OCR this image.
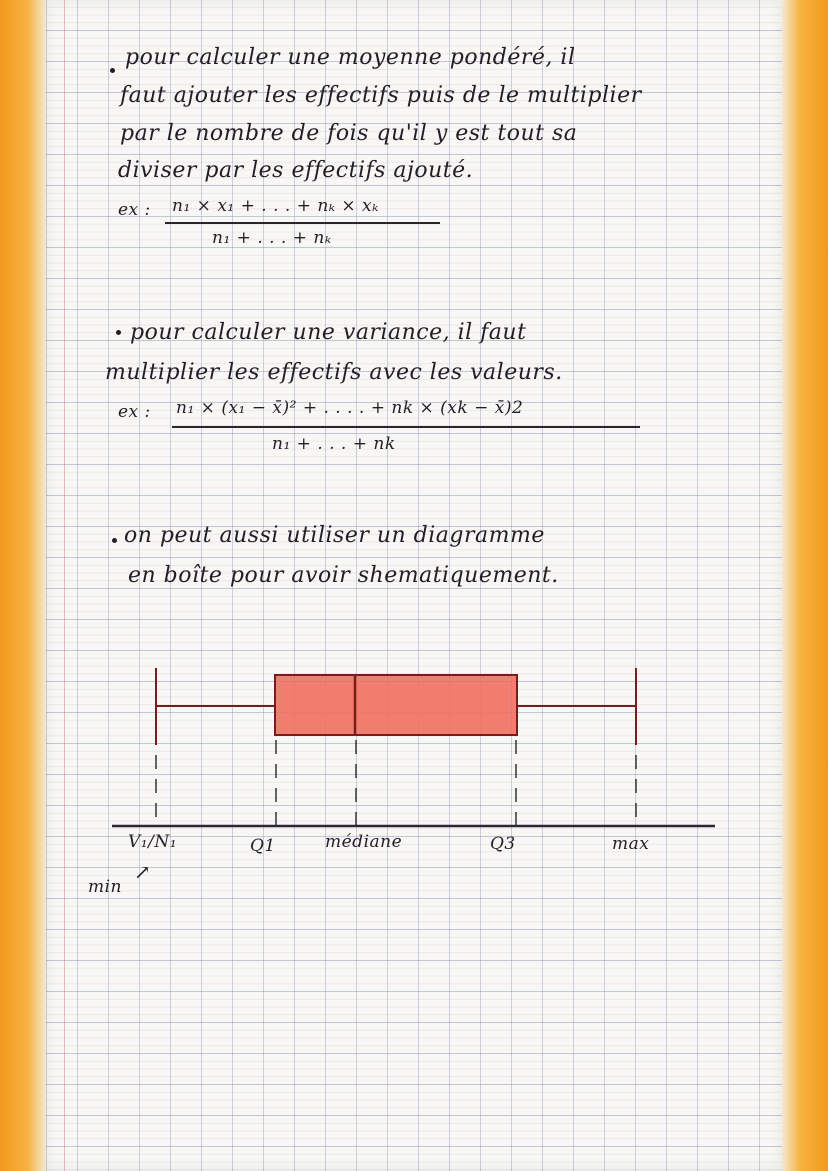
pour calculer une moyenne pondéré, il
faut ajouter les effectifs puis de le multiplier
par le nombre de fois qu'il y est tout sa
diviser par les effectifs ajouté.
ex : n₁ × x₁ + . . . + nₖ × xₖ
n₁ + . . . + nₖ
pour calculer une variance, il faut
multiplier les effectifs avec les valeurs.
ex : n₁ × (x₁ − x̄)² + . . . . + nk × (xk − x̄)2
n₁ + . . . + nk
on peut aussi utiliser un diagramme
en boîte pour avoir shematiquement.
V₁/N₁	Q1	médiane	Q3	max
↗
min
